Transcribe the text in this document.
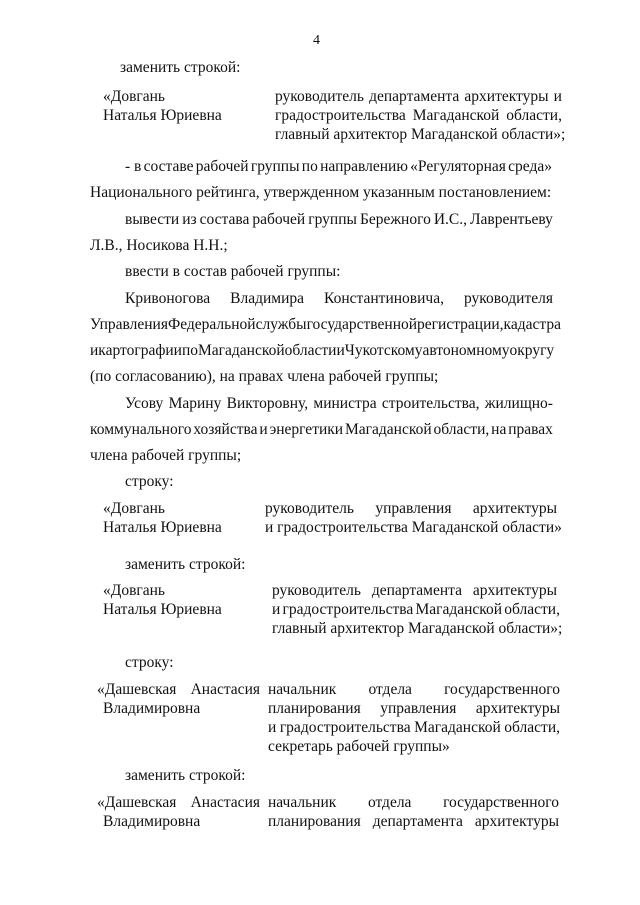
4
заменить строкой:
«Довгань
Наталья Юриевна
руководитель департамента архитектуры и
градостроительства Магаданской области,
главный архитектор Магаданской области»;
- в составе рабочей группы по направлению «Регуляторная среда»
Национального рейтинга, утвержденном указанным постановлением:
вывести из состава рабочей группы Бережного И.С., Лаврентьеву
Л.В., Носикова Н.Н.;
ввести в состав рабочей группы:
Кривоногова Владимира Константиновича, руководителя
Управления Федеральной службы государственной регистрации, кадастра
и картографии по Магаданской области и Чукотскому автономному округу
(по согласованию), на правах члена рабочей группы;
Усову Марину Викторовну, министра строительства, жилищно-
коммунального хозяйства и энергетики Магаданской области, на правах
члена рабочей группы;
строку:
«Довгань
Наталья Юриевна
руководитель управления архитектуры
и градостроительства Магаданской области»
заменить строкой:
«Довгань
Наталья Юриевна
руководитель департамента архитектуры
и градостроительства Магаданской области,
главный архитектор Магаданской области»;
строку:
«Дашевская Анастасия
Владимировна
начальник отдела государственного
планирования управления архитектуры
и градостроительства Магаданской области,
секретарь рабочей группы»
заменить строкой:
«Дашевская Анастасия
Владимировна
начальник отдела государственного
планирования департамента архитектуры
